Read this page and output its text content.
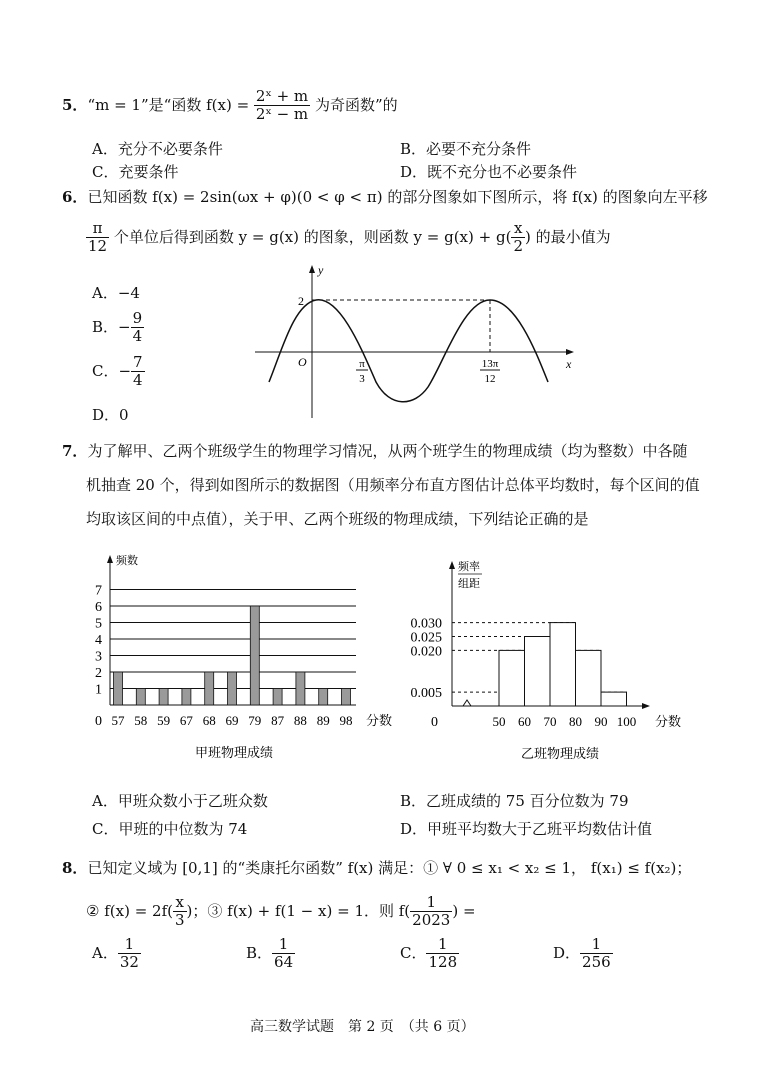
5．“m = 1”是“函数 $f(x) = \frac{\text{2ˣ + m}}{\text{2ˣ − m}}$ 为奇函数”的
A．充分不必要条件	B．必要不充分条件
C．充要条件	D．既不充分也不必要条件
6．已知函数 f(x) = 2sin(ωx + φ)(0 < φ < π) 的部分图象如下图所示，将 f(x) 的图象向左平移
$\frac{\pi}{12}$ 个单位后得到函数 y = g(x) 的图象，则函数 $y = g(x) + g( \frac{x}{2}$ ) 的最小值为
A．−4
B．− $\frac{9}{4}$
C．− $\frac{7}{4}$
D．0
y
x
O
2
π
3
13π
12
7．为了解甲、乙两个班级学生的物理学习情况，从两个班学生的物理成绩（均为整数）中各随
机抽查 20 个，得到如图所示的数据图（用频率分布直方图估计总体平均数时，每个区间的值
均取该区间的中点值），关于甲、乙两个班级的物理成绩，下列结论正确的是
频数
1
2
3
4
5
6
7
0 57 58 59 67 68 69 79 87 88 89 98 分数
甲班物理成绩
频率
组距
0.030
0.025
0.020
0.005
0	50 60 70 80 90 100 分数
乙班物理成绩
A．甲班众数小于乙班众数	B．乙班成绩的 75 百分位数为 79
C．甲班的中位数为 74	D．甲班平均数大于乙班平均数估计值
8．已知定义域为 [0,1] 的“类康托尔函数” f(x) 满足：① ∀ 0 ≤ x₁ < x₂ ≤ 1， f(x₁) ≤ f(x₂)；
② $f(x) = 2f( \frac{x}{3}$ )；③ f(x) + f(1 − x) = 1．则 $f( \frac{1}{2023}$ ) =
A． $\frac{1}{32}$	B． $\frac{1}{64}$	C． $\frac{1}{128}$	D． $\frac{1}{256}$
高三数学试题　第 2 页　（共 6 页）
